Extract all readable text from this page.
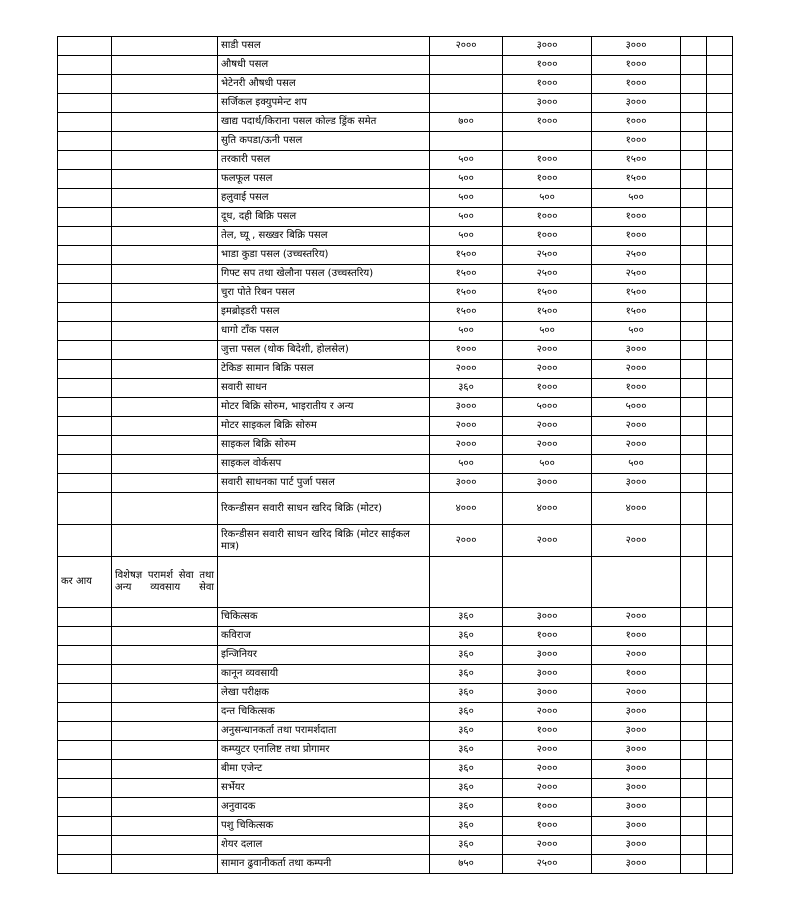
		साडी पसल	२०००	३०००	३०००		
		औषधी पसल		१०००	१०००		
		भेटेनरी औषधी पसल		१०००	१०००		
		सर्जिकल इक्युपमेन्ट शप		३०००	३०००		
		खाद्य पदार्थ/किराना पसल कोल्ड ड्रिंक समेत	७००	१०००	१०००		
		सुति कपडा/ऊनी पसल			१०००		
		तरकारी पसल	५००	१०००	१५००		
		फलफूल पसल	५००	१०००	१५००		
		हलुवाई पसल	५००	५००	५००		
		दूध, दही बिक्रि पसल	५००	१०००	१०००		
		तेल, घ्यू , सख्खर बिक्रि पसल	५००	१०००	१०००		
		भाडा कुडा पसल (उच्चस्तरिय)	१५००	२५००	२५००		
		गिफ्ट सप तथा खेलौना पसल (उच्चस्तरिय)	१५००	२५००	२५००		
		चुरा पोते रिबन पसल	१५००	१५००	१५००		
		इमब्रोइडरी पसल	१५००	१५००	१५००		
		धागो टाँक पसल	५००	५००	५००		
		जुत्ता पसल (थोक बिदेशी, होलसेल)	१०००	२०००	३०००		
		टेकिङ सामान बिक्रि पसल	२०००	२०००	२०००		
		सवारी साधन	३६०	१०००	१०००		
		मोटर बिक्रि सोरुम, भाइरातीय र अन्य	३०००	५०००	५०००		
		मोटर साइकल बिक्रि सोरुम	२०००	२०००	२०००		
		साइकल बिक्रि सोरुम	२०००	२०००	२०००		
		साइकल वोर्कसप	५००	५००	५००		
		सवारी साधनका पार्ट पुर्जा पसल	३०००	३०००	३०००		
		रिकन्डीसन सवारी साधन खरिद बिक्रि (मोटर)	४०००	४०००	४०००		
		रिकन्डीसन सवारी साधन खरिद बिक्रि (मोटर साईकल मात्र)	२०००	२०००	२०००		
कर आय	विशेषज्ञ परामर्श सेवा तथा अन्य व्यवसाय सेवा						
		चिकित्सक	३६०	३०००	२०००		
		कविराज	३६०	१०००	१०००		
		इन्जिनियर	३६०	३०००	२०००		
		कानून व्यवसायी	३६०	३०००	१०००		
		लेखा परीक्षक	३६०	३०००	२०००		
		दन्त चिकित्सक	३६०	२०००	३०००		
		अनुसन्धानकर्ता तथा परामर्शदाता	३६०	१०००	३०००		
		कम्प्युटर एनालिष्ट तथा प्रोगामर	३६०	२०००	३०००		
		बीमा एजेन्ट	३६०	२०००	३०००		
		सर्भेयर	३६०	२०००	३०००		
		अनुवादक	३६०	१०००	३०००		
		पशु चिकित्सक	३६०	१०००	३०००		
		शेयर दलाल	३६०	२०००	३०००		
		सामान ढुवानीकर्ता तथा कम्पनी	७५०	२५००	३०००		
